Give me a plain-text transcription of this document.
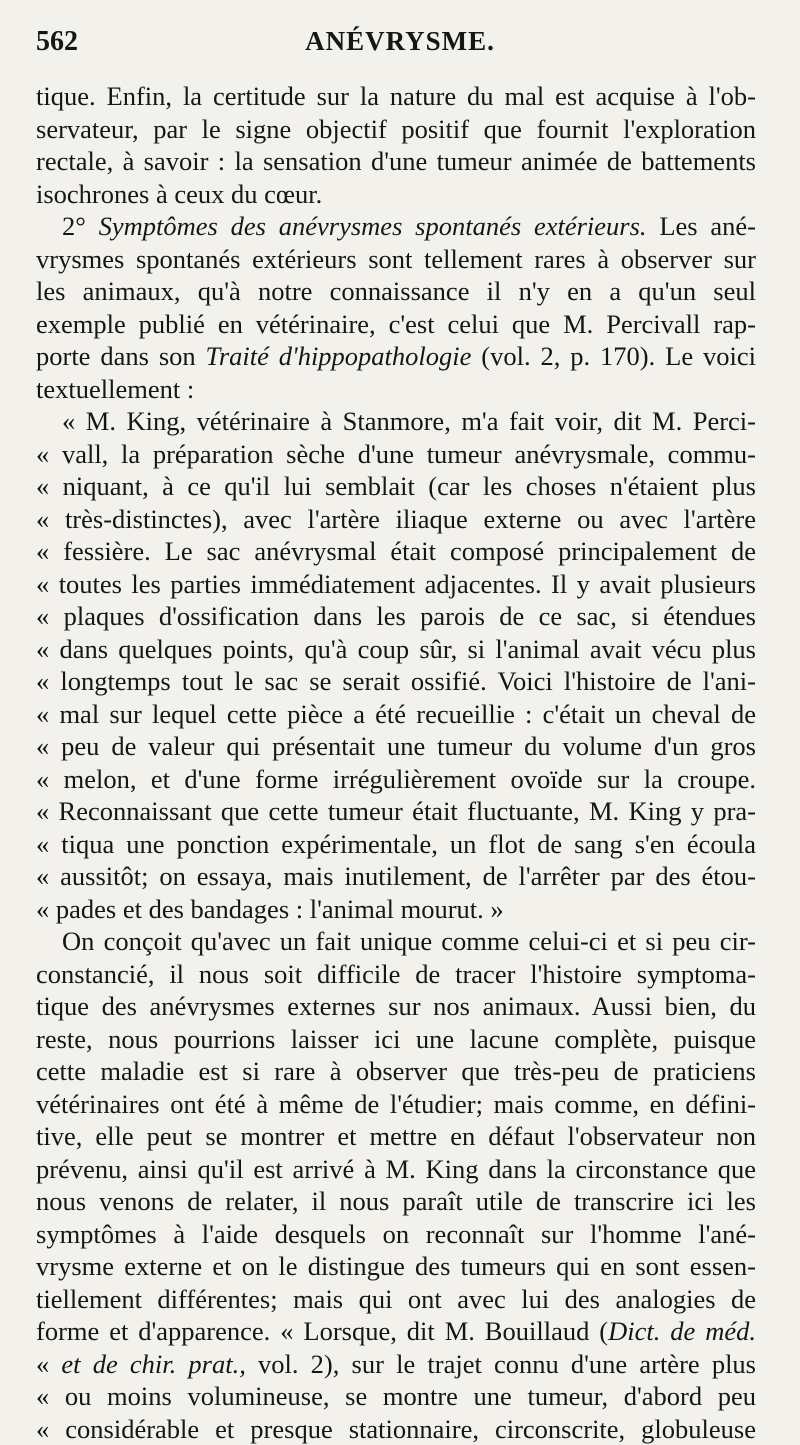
562	ANÉVRYSME.
tique. Enfin, la certitude sur la nature du mal est acquise à l'ob-
servateur, par le signe objectif positif que fournit l'exploration
rectale, à savoir : la sensation d'une tumeur animée de battements
isochrones à ceux du cœur.
2° Symptômes des anévrysmes spontanés extérieurs. Les ané-
vrysmes spontanés extérieurs sont tellement rares à observer sur
les animaux, qu'à notre connaissance il n'y en a qu'un seul
exemple publié en vétérinaire, c'est celui que M. Percivall rap-
porte dans son Traité d'hippopathologie (vol. 2, p. 170). Le voici
textuellement :
« M. King, vétérinaire à Stanmore, m'a fait voir, dit M. Perci-
« vall, la préparation sèche d'une tumeur anévrysmale, commu-
« niquant, à ce qu'il lui semblait (car les choses n'étaient plus
« très-distinctes), avec l'artère iliaque externe ou avec l'artère
« fessière. Le sac anévrysmal était composé principalement de
« toutes les parties immédiatement adjacentes. Il y avait plusieurs
« plaques d'ossification dans les parois de ce sac, si étendues
« dans quelques points, qu'à coup sûr, si l'animal avait vécu plus
« longtemps tout le sac se serait ossifié. Voici l'histoire de l'ani-
« mal sur lequel cette pièce a été recueillie : c'était un cheval de
« peu de valeur qui présentait une tumeur du volume d'un gros
« melon, et d'une forme irrégulièrement ovoïde sur la croupe.
« Reconnaissant que cette tumeur était fluctuante, M. King y pra-
« tiqua une ponction expérimentale, un flot de sang s'en écoula
« aussitôt; on essaya, mais inutilement, de l'arrêter par des étou-
« pades et des bandages : l'animal mourut. »
On conçoit qu'avec un fait unique comme celui-ci et si peu cir-
constancié, il nous soit difficile de tracer l'histoire symptoma-
tique des anévrysmes externes sur nos animaux. Aussi bien, du
reste, nous pourrions laisser ici une lacune complète, puisque
cette maladie est si rare à observer que très-peu de praticiens
vétérinaires ont été à même de l'étudier; mais comme, en défini-
tive, elle peut se montrer et mettre en défaut l'observateur non
prévenu, ainsi qu'il est arrivé à M. King dans la circonstance que
nous venons de relater, il nous paraît utile de transcrire ici les
symptômes à l'aide desquels on reconnaît sur l'homme l'ané-
vrysme externe et on le distingue des tumeurs qui en sont essen-
tiellement différentes; mais qui ont avec lui des analogies de
forme et d'apparence. « Lorsque, dit M. Bouillaud (Dict. de méd.
« et de chir. prat., vol. 2), sur le trajet connu d'une artère plus
« ou moins volumineuse, se montre une tumeur, d'abord peu
« considérable et presque stationnaire, circonscrite, globuleuse
